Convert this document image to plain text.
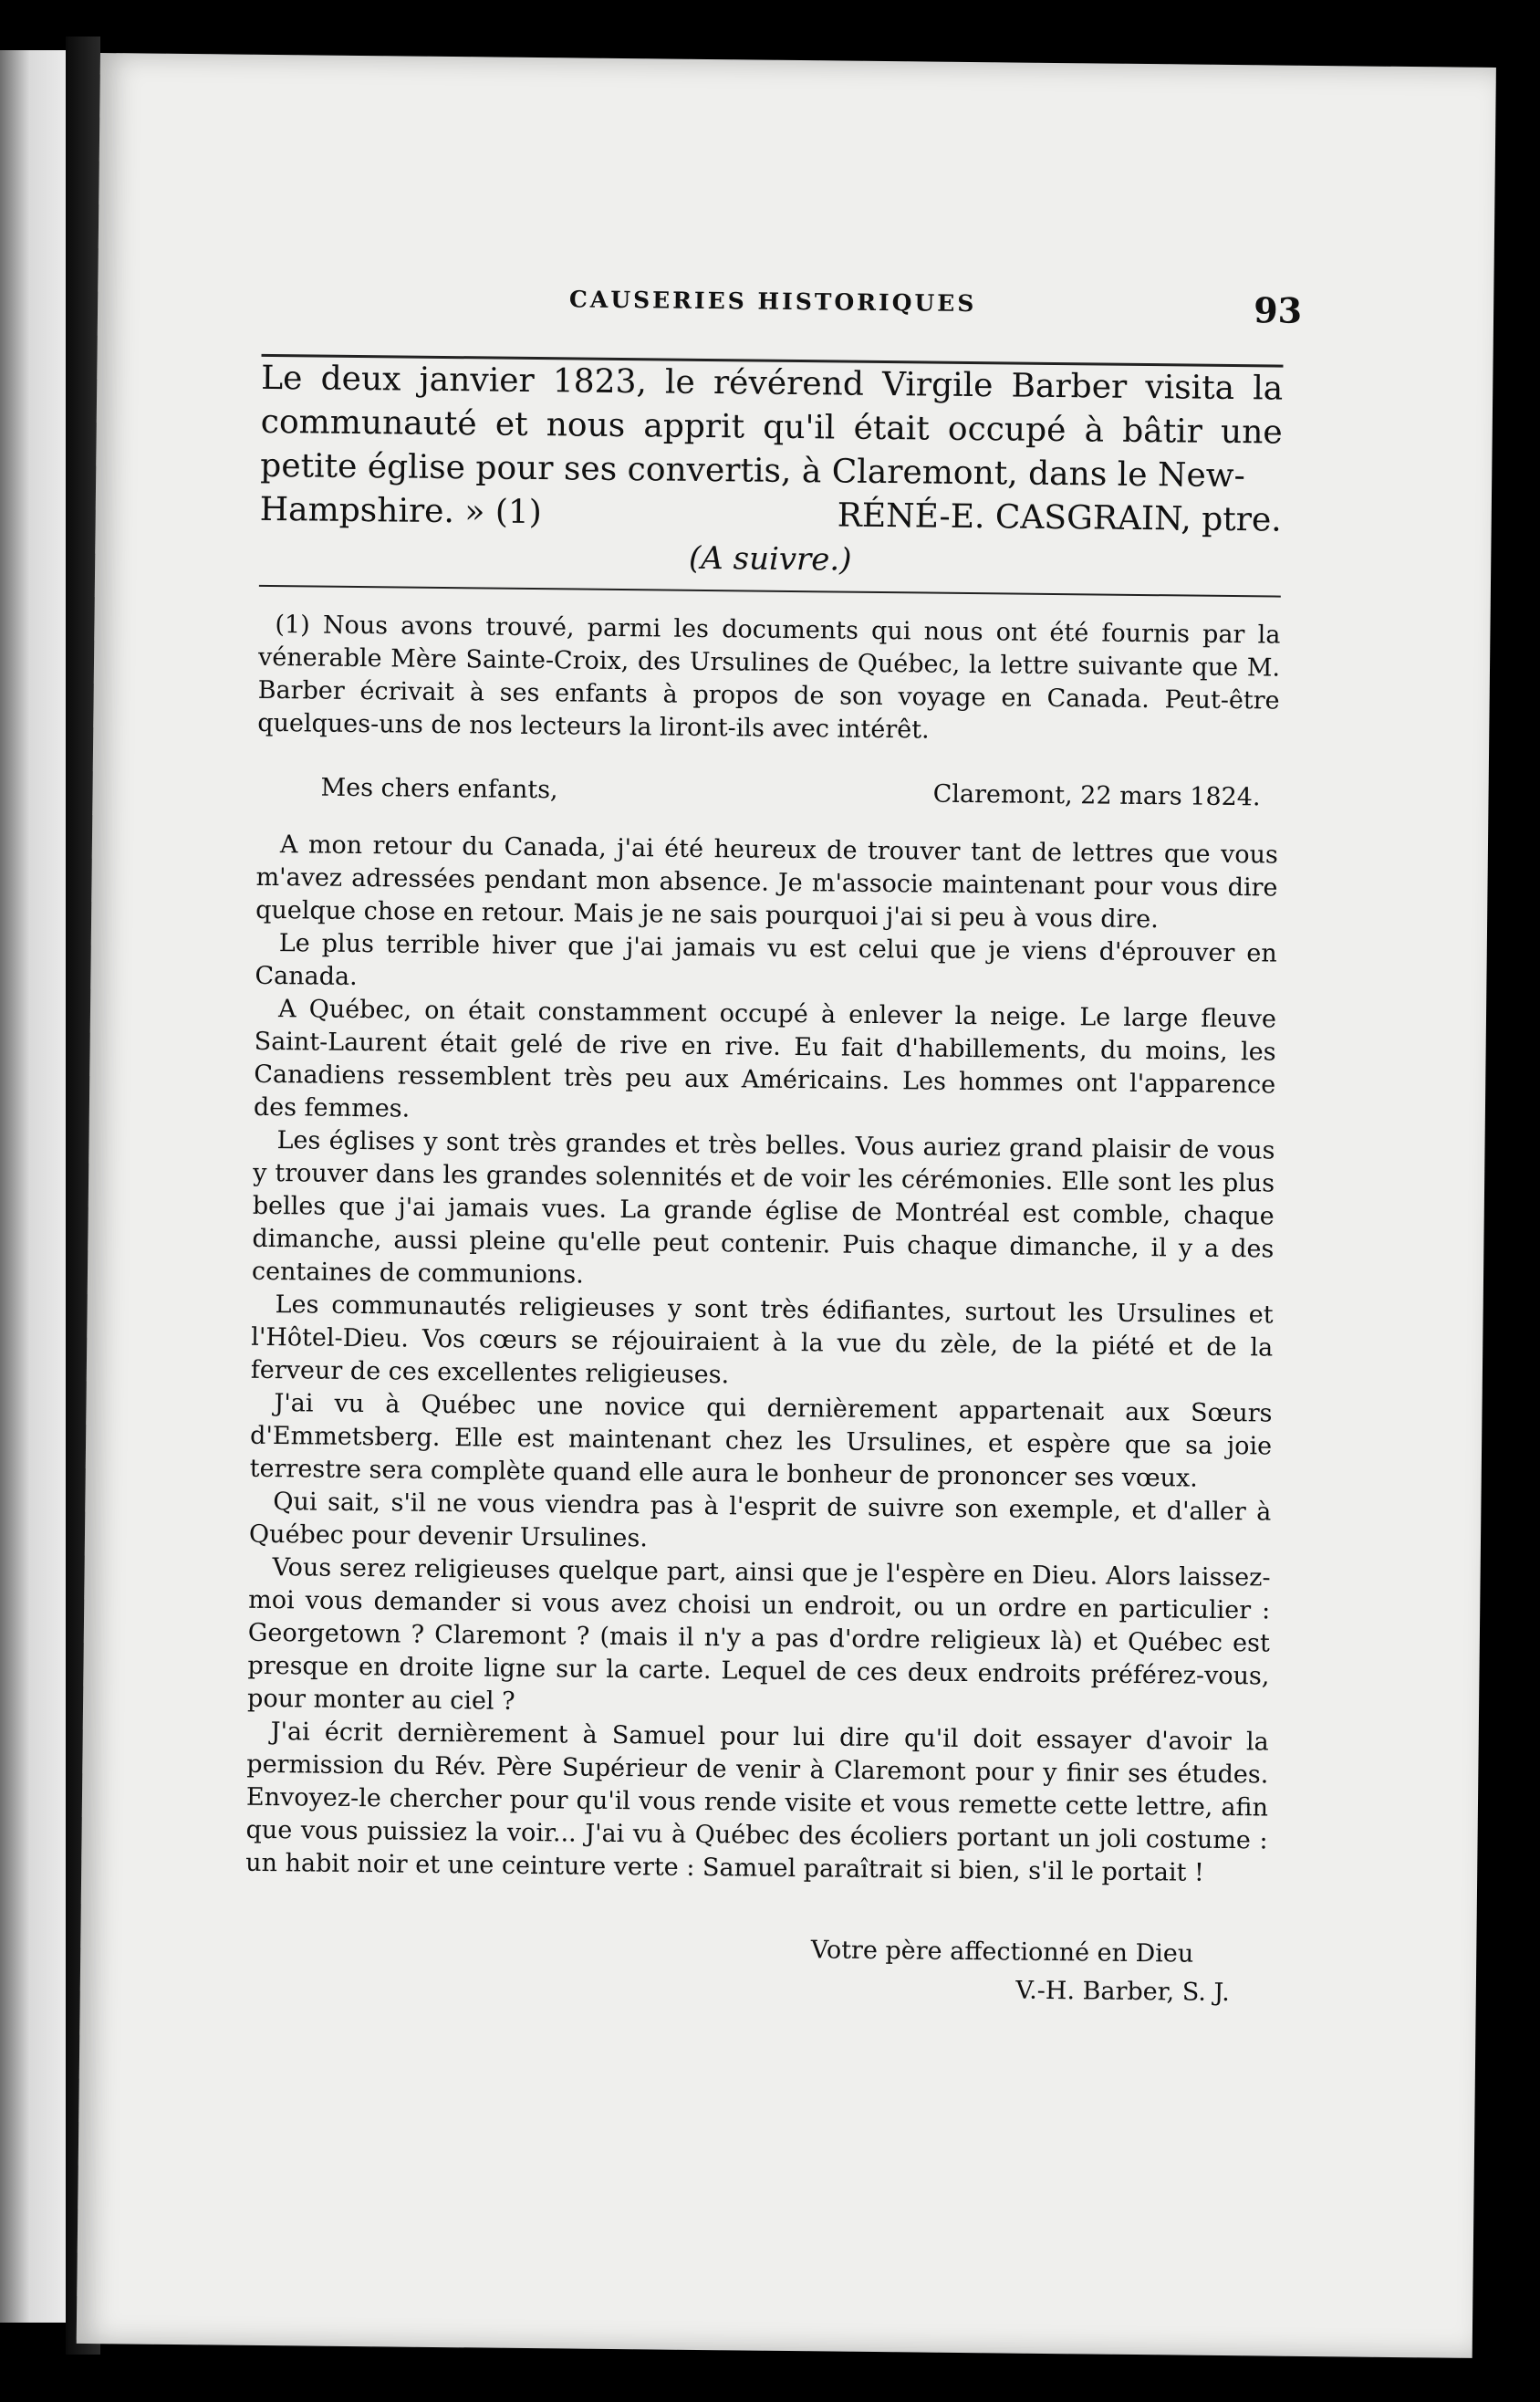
CAUSERIES HISTORIQUES	93

Le deux janvier 1823, le révérend Virgile Barber visita la communauté et nous apprit qu'il était occupé à bâtir une petite église pour ses convertis, à Claremont, dans le New-

Hampshire. » (1)	RÉNÉ-E. CASGRAIN, ptre.
(A suivre.)

(1) Nous avons trouvé, parmi les documents qui nous ont été fournis par la vénerable Mère Sainte-Croix, des Ursulines de Québec, la lettre suivante que M. Barber écrivait à ses enfants à propos de son voyage en Canada. Peut-être quelques-uns de nos lecteurs la liront-ils avec intérêt.

Mes chers enfants,	Claremont, 22 mars 1824.

A mon retour du Canada, j'ai été heureux de trouver tant de lettres que vous m'avez adressées pendant mon absence. Je m'associe maintenant pour vous dire quelque chose en retour. Mais je ne sais pourquoi j'ai si peu à vous dire.

Le plus terrible hiver que j'ai jamais vu est celui que je viens d'éprouver en Canada.

A Québec, on était constamment occupé à enlever la neige. Le large fleuve Saint-Laurent était gelé de rive en rive. Eu fait d'habillements, du moins, les Canadiens ressemblent très peu aux Américains. Les hommes ont l'apparence des femmes.

Les églises y sont très grandes et très belles. Vous auriez grand plaisir de vous y trouver dans les grandes solennités et de voir les cérémonies. Elle sont les plus belles que j'ai jamais vues. La grande église de Montréal est comble, chaque dimanche, aussi pleine qu'elle peut contenir. Puis chaque dimanche, il y a des centaines de communions.

Les communautés religieuses y sont très édifiantes, surtout les Ursulines et l'Hôtel-Dieu. Vos cœurs se réjouiraient à la vue du zèle, de la piété et de la ferveur de ces excellentes religieuses.

J'ai vu à Québec une novice qui dernièrement appartenait aux Sœurs d'Emmetsberg. Elle est maintenant chez les Ursulines, et espère que sa joie terrestre sera complète quand elle aura le bonheur de prononcer ses vœux.

Qui sait, s'il ne vous viendra pas à l'esprit de suivre son exemple, et d'aller à Québec pour devenir Ursulines.

Vous serez religieuses quelque part, ainsi que je l'espère en Dieu. Alors laissez-moi vous demander si vous avez choisi un endroit, ou un ordre en particulier : Georgetown ? Claremont ? (mais il n'y a pas d'ordre religieux là) et Québec est presque en droite ligne sur la carte. Lequel de ces deux endroits préférez-vous, pour monter au ciel ?

J'ai écrit dernièrement à Samuel pour lui dire qu'il doit essayer d'avoir la permission du Rév. Père Supérieur de venir à Claremont pour y finir ses études. Envoyez-le chercher pour qu'il vous rende visite et vous remette cette lettre, afin que vous puissiez la voir... J'ai vu à Québec des écoliers portant un joli costume : un habit noir et une ceinture verte : Samuel paraîtrait si bien, s'il le portait !

Votre père affectionné en Dieu
V.-H. Barber, S. J.
